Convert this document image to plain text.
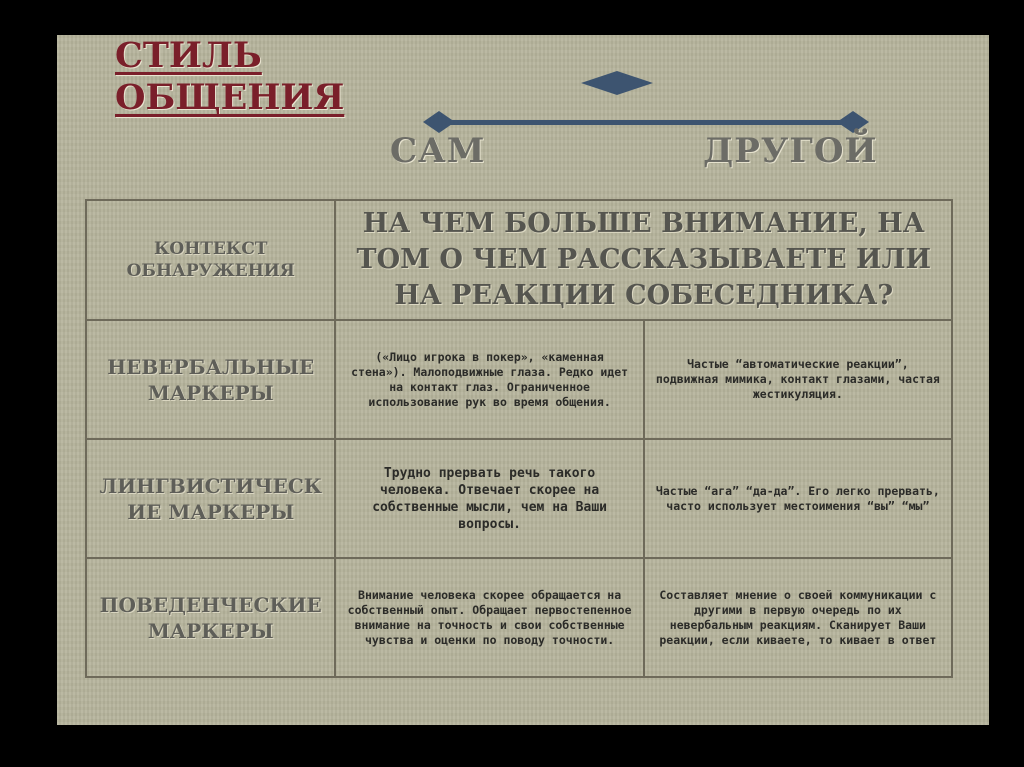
СТИЛЬ
ОБЩЕНИЯ
САМ	ДРУГОЙ
КОНТЕКСТ ОБНАРУЖЕНИЯ	НА ЧЕМ БОЛЬШЕ ВНИМАНИЕ, НА ТОМ О ЧЕМ РАССКАЗЫВАЕТЕ ИЛИ НА РЕАКЦИИ СОБЕСЕДНИКА?	
НЕВЕРБАЛЬНЫЕ МАРКЕРЫ	(«Лицо игрока в покер», «каменная стена»). Малоподвижные глаза. Редко идет на контакт глаз. Ограниченное использование рук во время общения.	Частые “автоматические реакции”, подвижная мимика, контакт глазами, частая жестикуляция.
ЛИНГВИСТИЧЕСК ИЕ МАРКЕРЫ	Трудно прервать речь такого человека. Отвечает скорее на собственные мысли, чем на Ваши вопросы.	Частые “ага” “да-да”. Его легко прервать, часто использует местоимения “вы” “мы”
ПОВЕДЕНЧЕСКИЕ МАРКЕРЫ	Внимание человека скорее обращается на собственный опыт. Обращает первостепенное внимание на точность и свои собственные чувства и оценки по поводу точности.	Составляет мнение о своей коммуникации с другими в первую очередь по их невербальным реакциям. Сканирует Ваши реакции, если киваете, то кивает в ответ
